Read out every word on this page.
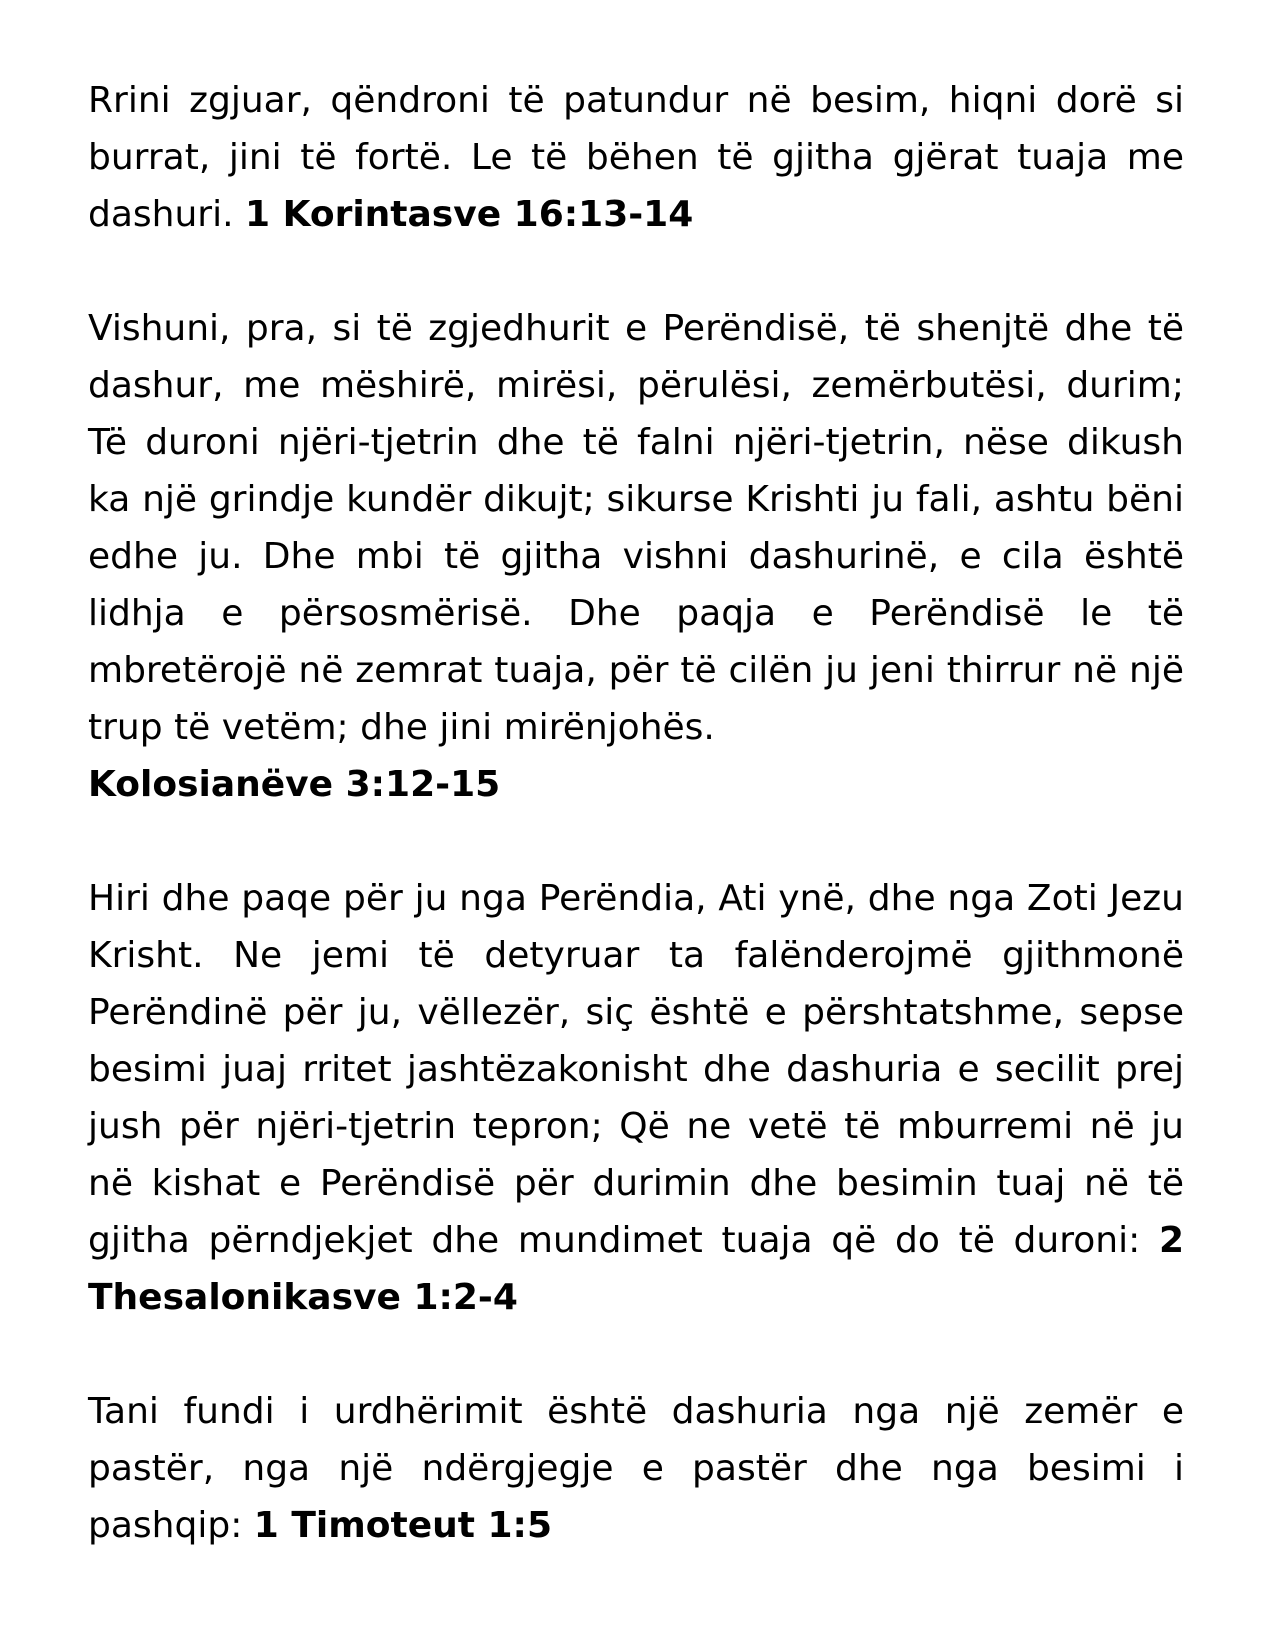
Rrini zgjuar, qëndroni të patundur në besim, hiqni dorë si burrat, jini të fortë. Le të bëhen të gjitha gjërat tuaja me dashuri. 1 Korintasve 16:13-14

Vishuni, pra, si të zgjedhurit e Perëndisë, të shenjtë dhe të dashur, me mëshirë, mirësi, përulësi, zemërbutësi, durim; Të duroni njëri-tjetrin dhe të falni njëri-tjetrin, nëse dikush ka një grindje kundër dikujt; sikurse Krishti ju fali, ashtu bëni edhe ju. Dhe mbi të gjitha vishni dashurinë, e cila është lidhja e përsosmërisë. Dhe paqja e Perëndisë le të mbretërojë në zemrat tuaja, për të cilën ju jeni thirrur në një trup të vetëm; dhe jini mirënjohës.
Kolosianëve 3:12-15

Hiri dhe paqe për ju nga Perëndia, Ati ynë, dhe nga Zoti Jezu Krisht. Ne jemi të detyruar ta falënderojmë gjithmonë Perëndinë për ju, vëllezër, siç është e përshtatshme, sepse besimi juaj rritet jashtëzakonisht dhe dashuria e secilit prej jush për njëri-tjetrin tepron; Që ne vetë të mburremi në ju në kishat e Perëndisë për durimin dhe besimin tuaj në të gjitha përndjekjet dhe mundimet tuaja që do të duroni: 2 Thesalonikasve 1:2-4

Tani fundi i urdhërimit është dashuria nga një zemër e pastër, nga një ndërgjegje e pastër dhe nga besimi i pashqip: 1 Timoteut 1:5
